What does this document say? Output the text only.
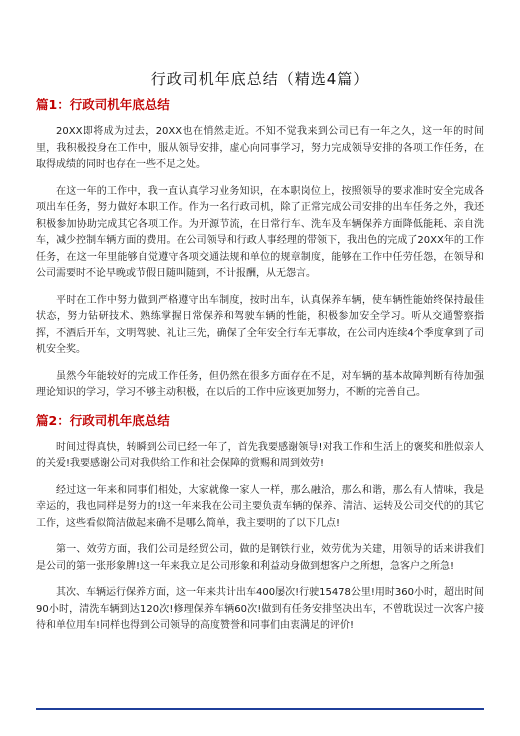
行政司机年底总结（精选4篇）
篇1：行政司机年底总结

20XX即将成为过去，20XX也在悄然走近。不知不觉我来到公司已有一年之久，这一年的时间里，我积极投身在工作中，服从领导安排，虚心向同事学习，努力完成领导安排的各项工作任务，在取得成绩的同时也存在一些不足之处。

在这一年的工作中，我一直认真学习业务知识，在本职岗位上，按照领导的要求准时安全完成各项出车任务，努力做好本职工作。作为一名行政司机，除了正常完成公司安排的出车任务之外，我还积极参加协助完成其它各项工作。为开源节流，在日常行车、洗车及车辆保养方面降低能耗、亲自洗车，减少控制车辆方面的费用。在公司领导和行政人事经理的带领下，我出色的完成了20XX年的工作任务，在这一年里能够自觉遵守各项交通法规和单位的规章制度，能够在工作中任劳任怨，在领导和公司需要时不论早晚或节假日随叫随到，不计报酬，从无怨言。

平时在工作中努力做到严格遵守出车制度，按时出车，认真保养车辆，使车辆性能始终保持最佳状态，努力钻研技术、熟练掌握日常保养和驾驶车辆的性能，积极参加安全学习。听从交通警察指挥，不酒后开车，文明驾驶、礼让三先，确保了全年安全行车无事故，在公司内连续4个季度拿到了司机安全奖。

虽然今年能较好的完成工作任务，但仍然在很多方面存在不足，对车辆的基本故障判断有待加强理论知识的学习，学习不够主动积极，在以后的工作中应该更加努力，不断的完善自己。

篇2：行政司机年底总结

时间过得真快，转瞬到公司已经一年了，首先我要感谢领导!对我工作和生活上的褒奖和胜似亲人的关爱!我要感谢公司对我供给工作和社会保障的赏赐和周到效劳!

经过这一年来和同事们相处，大家就像一家人一样，那么融洽，那么和谐，那么有人情味，我是幸运的，我也同样是努力的!这一年来我在公司主要负责车辆的保养、清洁、运转及公司交代的的其它工作，这些看似简洁做起来确不是哪么简单，我主要明的了以下几点!

第一、效劳方面，我们公司是经贸公司，做的是钢铁行业，效劳优为关建，用领导的话来讲我们是公司的第一张形象牌!这一年来我立足公司形象和利益动身做到想客户之所想，急客户之所急!

其次、车辆运行保养方面，这一年来共计出车400屡次!行驶15478公里!用时360小时，超出时间90小时，清洗车辆到达120次!修理保养车辆60次!做到有任务安排坚决出车，不曾耽误过一次客户接待和单位用车!同样也得到公司领导的高度赞誉和同事们由衷满足的评价!
